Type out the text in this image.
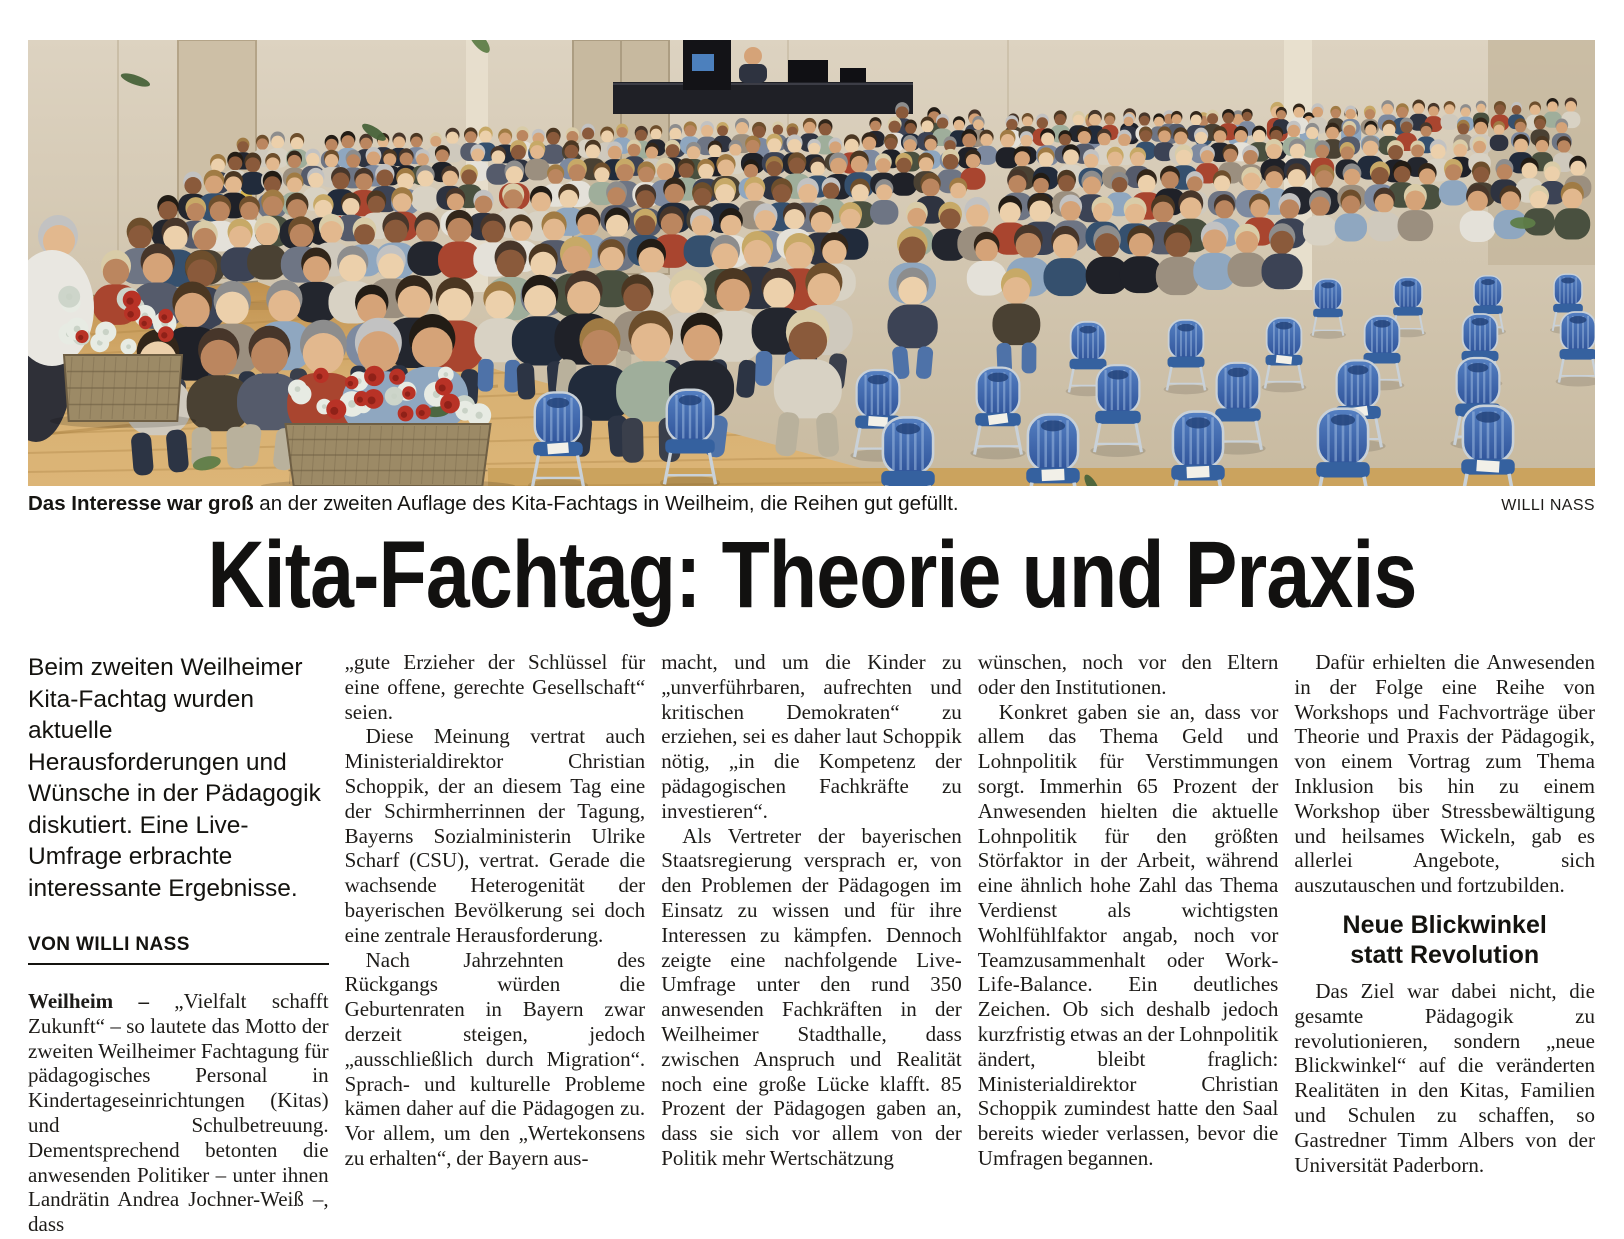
Das Interesse war groß an der zweiten Auflage des Kita-Fachtags in Weilheim, die Reihen gut gefüllt.	WILLI NASS
Kita-Fachtag: Theorie und Praxis
Beim zweiten Weilheimer Kita-Fachtag wurden aktuelle Herausforderungen und Wünsche in der Pädagogik diskutiert. Eine Live-Umfrage erbrachte interessante Ergebnisse.
VON WILLI NASS

Weilheim – „Vielfalt schafft Zukunft“ – so lautete das Motto der zweiten Weilheimer Fachtagung für pädagogisches Personal in Kindertageseinrichtungen (Kitas) und Schulbetreuung. Dementsprechend betonten die anwesenden Politiker – unter ihnen Landrätin Andrea Jochner-Weiß –, dass

„gute Erzieher der Schlüssel für eine offene, gerechte Gesellschaft“ seien.

Diese Meinung vertrat auch Ministerialdirektor Christian Schoppik, der an diesem Tag eine der Schirmherrinnen der Tagung, Bayerns Sozialministerin Ulrike Scharf (CSU), vertrat. Gerade die wachsende Heterogenität der bayerischen Bevölkerung sei doch eine zentrale Herausforderung.

Nach Jahrzehnten des Rückgangs würden die Geburtenraten in Bayern zwar derzeit steigen, jedoch „ausschließlich durch Migration“. Sprach- und kulturelle Probleme kämen daher auf die Pädagogen zu. Vor allem, um den „Wertekonsens zu erhalten“, der Bayern aus-

macht, und um die Kinder zu „unverführbaren, aufrechten und kritischen Demokraten“ zu erziehen, sei es daher laut Schoppik nötig, „in die Kompetenz der pädagogischen Fachkräfte zu investieren“.

Als Vertreter der bayerischen Staatsregierung versprach er, von den Problemen der Pädagogen im Einsatz zu wissen und für ihre Interessen zu kämpfen. Dennoch zeigte eine nachfolgende Live-Umfrage unter den rund 350 anwesenden Fachkräften in der Weilheimer Stadthalle, dass zwischen Anspruch und Realität noch eine große Lücke klafft. 85 Prozent der Pädagogen gaben an, dass sie sich vor allem von der Politik mehr Wertschätzung

wünschen, noch vor den Eltern oder den Institutionen.

Konkret gaben sie an, dass vor allem das Thema Geld und Lohnpolitik für Verstimmungen sorgt. Immerhin 65 Prozent der Anwesenden hielten die aktuelle Lohnpolitik für den größten Störfaktor in der Arbeit, während eine ähnlich hohe Zahl das Thema Verdienst als wichtigsten Wohlfühlfaktor angab, noch vor Teamzusammenhalt oder Work-Life-Balance. Ein deutliches Zeichen. Ob sich deshalb jedoch kurzfristig etwas an der Lohnpolitik ändert, bleibt fraglich: Ministerialdirektor Christian Schoppik zumindest hatte den Saal bereits wieder verlassen, bevor die Umfragen begannen.

Dafür erhielten die Anwesenden in der Folge eine Reihe von Workshops und Fachvorträge über Theorie und Praxis der Pädagogik, von einem Vortrag zum Thema Inklusion bis hin zu einem Workshop über Stressbewältigung und heilsames Wickeln, gab es allerlei Angebote, sich auszutauschen und fortzubilden.

Neue Blickwinkel
statt Revolution

Das Ziel war dabei nicht, die gesamte Pädagogik zu revolutionieren, sondern „neue Blickwinkel“ auf die veränderten Realitäten in den Kitas, Familien und Schulen zu schaffen, so Gastredner Timm Albers von der Universität Paderborn.
